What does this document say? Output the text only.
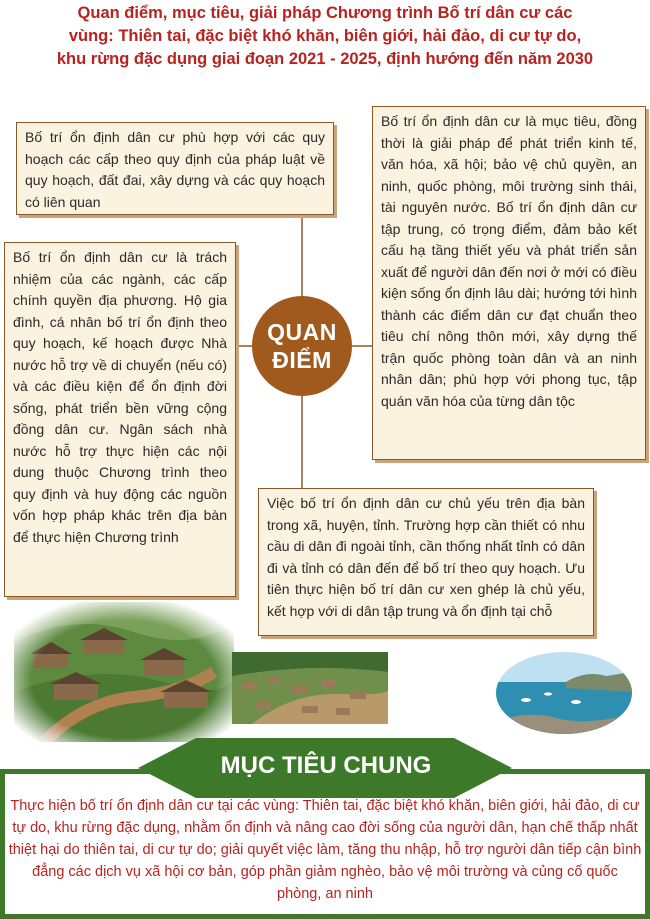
Quan điểm, mục tiêu, giải pháp Chương trình Bố trí dân cư các
vùng: Thiên tai, đặc biệt khó khăn, biên giới, hải đảo, di cư tự do,
khu rừng đặc dụng giai đoạn 2021 - 2025, định hướng đến năm 2030
Bố trí ổn định dân cư phù hợp với các quy hoạch các cấp theo quy định của pháp luật về quy hoạch, đất đai, xây dựng và các quy hoạch có liên quan
Bố trí ổn định dân cư là trách nhiệm của các ngành, các cấp chính quyền địa phương. Hộ gia đình, cá nhân bố trí ổn định theo quy hoạch, kế hoạch được Nhà nước hỗ trợ về di chuyển (nếu có) và các điều kiện để ổn định đời sống, phát triển bền vững cộng đồng dân cư. Ngân sách nhà nước hỗ trợ thực hiện các nội dung thuộc Chương trình theo quy định và huy động các nguồn vốn hợp pháp khác trên địa bàn để thực hiện Chương trình
Bố trí ổn định dân cư là mục tiêu, đồng thời là giải pháp để phát triển kinh tế, văn hóa, xã hội; bảo vệ chủ quyền, an ninh, quốc phòng, môi trường sinh thái, tài nguyên nước. Bố trí ổn định dân cư tập trung, có trọng điểm, đảm bảo kết cấu hạ tầng thiết yếu và phát triển sản xuất để người dân đến nơi ở mới có điều kiện sống ổn định lâu dài; hướng tới hình thành các điểm dân cư đạt chuẩn theo tiêu chí nông thôn mới, xây dựng thế trận quốc phòng toàn dân và an ninh nhân dân; phù hợp với phong tục, tập quán văn hóa của từng dân tộc
Việc bố trí ổn định dân cư chủ yếu trên địa bàn trong xã, huyện, tỉnh. Trường hợp cần thiết có nhu cầu di dân đi ngoài tỉnh, cần thống nhất tỉnh có dân đi và tỉnh có dân đến để bố trí theo quy hoạch. Ưu tiên thực hiện bố trí dân cư xen ghép là chủ yếu, kết hợp với di dân tập trung và ổn định tại chỗ
QUAN
ĐIỂM
MỤC TIÊU CHUNG
Thực hiện bố trí ổn định dân cư tại các vùng: Thiên tai, đặc biệt khó khăn, biên giới, hải đảo, di cư tự do, khu rừng đặc dụng, nhằm ổn định và nâng cao đời sống của người dân, hạn chế thấp nhất thiệt hại do thiên tai, di cư tự do; giải quyết việc làm, tăng thu nhập, hỗ trợ người dân tiếp cận bình đẳng các dịch vụ xã hội cơ bản, góp phần giảm nghèo, bảo vệ môi trường và củng cố quốc phòng, an ninh
